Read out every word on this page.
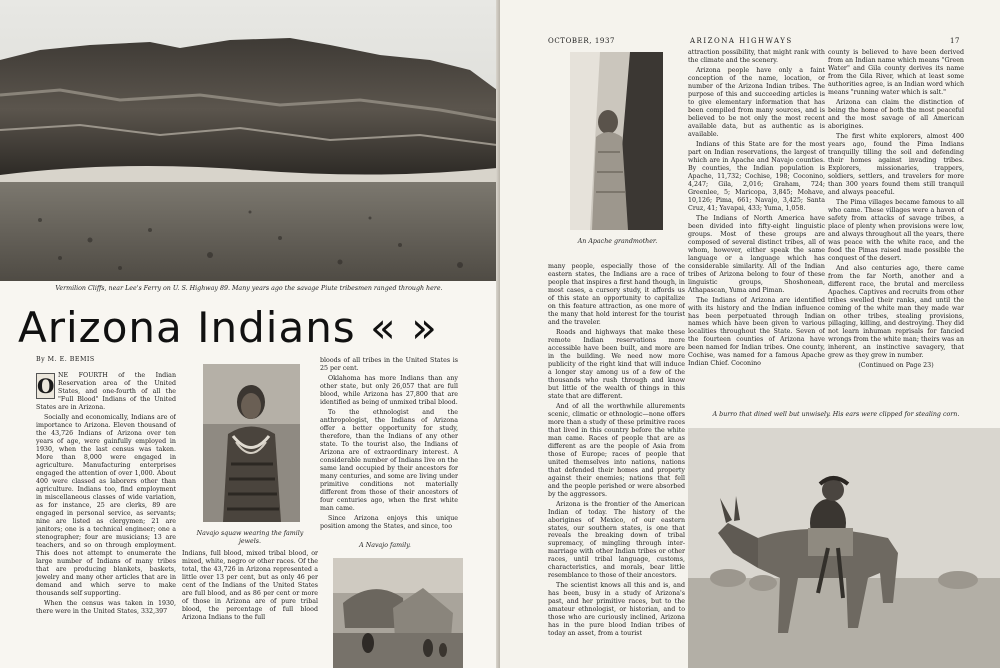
Vermilion Cliffs, near Lee's Ferry on U. S. Highway 89. Many years ago the savage Piute tribesmen ranged through here.
Arizona Indians « »
By M. E. BEMIS
O NE FOURTH of the Indian Reservation area of the United States, and one-fourth of all the "Full Blood" Indians of the United States are in Arizona.

Socially and economically, Indians are of importance to Arizona. Eleven thousand of the 43,726 Indians of Arizona over ten years of age, were gainfully employed in 1930, when the last census was taken. More than 8,000 were engaged in agriculture. Manufacturing enterprises engaged the attention of over 1,000. About 400 were classed as laborers other than agriculture. Indians too, find employment in miscellaneous classes of wide variation, as for instance, 25 are clerks, 89 are engaged in personal service, as servants; nine are listed as clergymen; 21 are janitors; one is a technical engineer; one a stenographer; four are musicians; 13 are teachers, and so on through employment. This does not attempt to enumerate the large number of Indians of many tribes that are producing blankets, baskets, jewelry and many other articles that are in demand and which serve to make thousands self supporting.

When the census was taken in 1930, there were in the United States, 332,397

Navajo squaw wearing the family jewels.

Indians, full blood, mixed tribal blood, or mixed, white, negro or other races. Of the total, the 43,726 in Arizona represented a little over 13 per cent, but as only 46 per cent of the Indians of the United States are full blood, and as 86 per cent or more of those in Arizona are of pure tribal blood, the percentage of full blood Arizona Indians to the full

bloods of all tribes in the United States is 25 per cent.

Oklahoma has more Indians than any other state, but only 26,057 that are full blood, while Arizona has 27,800 that are identified as being of unmixed tribal blood.

To the ethnologist and the anthropologist, the Indians of Arizona offer a better opportunity for study, therefore, than the Indians of any other state. To the tourist also, the Indians of Arizona are of extraordinary interest. A considerable number of Indians live on the same land occupied by their ancestors for many centuries, and some are living under primitive conditions not materially different from those of their ancestors of four centuries ago, when the first white man came.

Since Arizona enjoys this unique position among the States, and since, too

A Navajo family.
OCTOBER, 1937	ARIZONA HIGHWAYS	17
An Apache grandmother.

many people, especially those of the eastern states, the Indians are a race of people that inspires a first hand though, in most cases, a cursory study, it affords us of this state an opportunity to capitalize on this feature attraction, as one more of the many that hold interest for the tourist and the traveler.

Roads and highways that make these remote Indian reservations more accessible have been built, and more are in the building. We need now more publicity of the right kind that will induce a longer stay among us of a few of the thousands who rush through and know but little of the wealth of things in this state that are different.

And of all the worthwhile allurements scenic, climatic or ethnologic—none offers more than a study of these primitive races that lived in this country before the white man came. Races of people that are as different as are the people of Asia from those of Europe; races of people that united themselves into nations, nations that defended their homes and property against their enemies; nations that fell and the people perished or were absorbed by the aggressors.

Arizona is the frontier of the American Indian of today. The history of the aborigines of Mexico, of our eastern states, our southern states, is one that reveals the breaking down of tribal supremacy, of mingling through inter-marriage with other Indian tribes or other races, until tribal language, customs, characteristics, and morals, bear little resemblance to those of their ancestors.

The scientist knows all this and is, and has been, busy in a study of Arizona's past, and her primitive races, but to the amateur ethnologist, or historian, and to those who are curiously inclined, Arizona has in the pure blood Indian tribes of today an asset, from a tourist

attraction possibility, that might rank with the climate and the scenery.

Arizona people have only a faint conception of the name, location, or number of the Arizona Indian tribes. The purpose of this and succeeding articles is to give elementary information that has been compiled from many sources, and is believed to be not only the most recent available data, but as authentic as is available.

Indians of this State are for the most part on Indian reservations, the largest of which are in Apache and Navajo counties. By counties, the Indian population is Apache, 11,732; Cochise, 198; Coconino, 4,247; Gila, 2,016; Graham, 724; Greenlee, 5; Maricopa, 3,845; Mohave, 10,126; Pima, 661; Navajo, 3,425; Santa Cruz, 41; Yavapai, 433; Yuma, 1,058.

The Indians of North America have been divided into fifty-eight linguistic groups. Most of these groups are composed of several distinct tribes, all of whom, however, either speak the same language or a language which has considerable similarity. All of the Indian tribes of Arizona belong to four of these linguistic groups, Shoshonean, Athapascan, Yuma and Piman.

The Indians of Arizona are identified with its history and the Indian influence has been perpetuated through Indian names which have been given to various localities throughout the State. Seven of the fourteen counties of Arizona have been named for Indian tribes. One county, Cochise, was named for a famous Apache Indian Chief. Coconino

county is believed to have been derived from an Indian name which means "Green Water" and Gila county derives its name from the Gila River, which at least some authorities agree, is an Indian word which means "running water which is salt."

Arizona can claim the distinction of being the home of both the most peaceful and the most savage of all American aborigines.

The first white explorers, almost 400 years ago, found the Pima Indians tranquilly tilling the soil and defending their homes against invading tribes. Explorers, missionaries, trappers, soldiers, settlers, and travelers for more than 300 years found them still tranquil and always peaceful.

The Pima villages became famous to all who came. These villages were a haven of safety from attacks of savage tribes, a place of plenty when provisions were low, and always throughout all the years, there was peace with the white race, and the food the Pimas raised made possible the conquest of the desert.

And also centuries ago, there came from the far North, another and a different race, the brutal and merciless Apaches. Captives and recruits from other tribes swelled their ranks, and until the coming of the white man they made war on other tribes, stealing provisions, pillaging, killing, and destroying. They did not learn inhuman reprisals for fancied wrongs from the white man; theirs was an inherent, an instinctive savagery, that grew as they grew in number.

(Continued on Page 23)

A burro that dined well but unwisely. His ears were clipped for stealing corn.
